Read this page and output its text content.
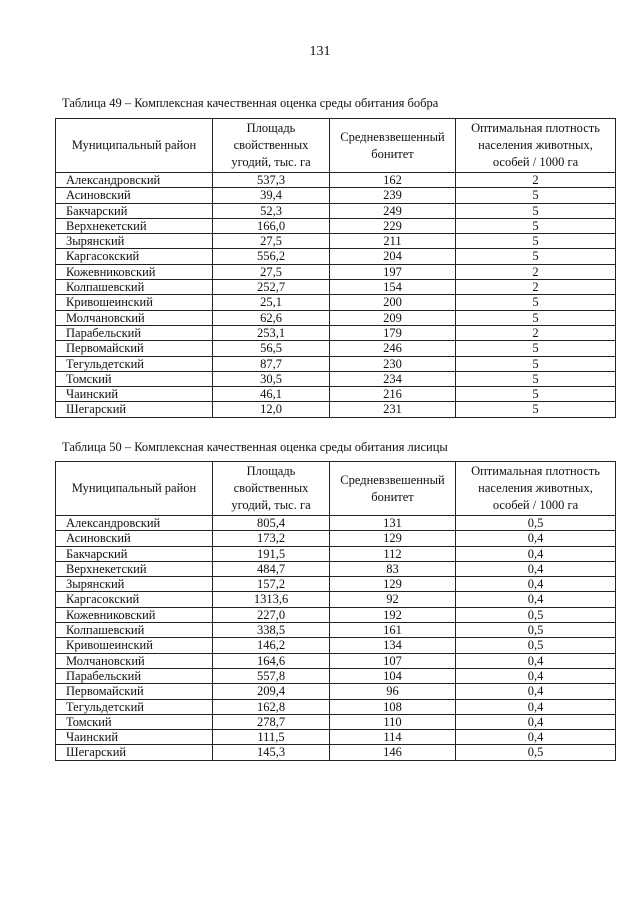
131
Таблица 49 – Комплексная качественная оценка среды обитания бобра
Муниципальный район	Площадь свойственных угодий, тыс. га	Средневзвешенный бонитет	Оптимальная плотность населения животных, особей / 1000 га
Александровский	537,3	162	2
Асиновский	39,4	239	5
Бакчарский	52,3	249	5
Верхнекетский	166,0	229	5
Зырянский	27,5	211	5
Каргасокский	556,2	204	5
Кожевниковский	27,5	197	2
Колпашевский	252,7	154	2
Кривошеинский	25,1	200	5
Молчановский	62,6	209	5
Парабельский	253,1	179	2
Первомайский	56,5	246	5
Тегульдетский	87,7	230	5
Томский	30,5	234	5
Чаинский	46,1	216	5
Шегарский	12,0	231	5
Таблица 50 – Комплексная качественная оценка среды обитания лисицы
Муниципальный район	Площадь свойственных угодий, тыс. га	Средневзвешенный бонитет	Оптимальная плотность населения животных, особей / 1000 га
Александровский	805,4	131	0,5
Асиновский	173,2	129	0,4
Бакчарский	191,5	112	0,4
Верхнекетский	484,7	83	0,4
Зырянский	157,2	129	0,4
Каргасокский	1313,6	92	0,4
Кожевниковский	227,0	192	0,5
Колпашевский	338,5	161	0,5
Кривошеинский	146,2	134	0,5
Молчановский	164,6	107	0,4
Парабельский	557,8	104	0,4
Первомайский	209,4	96	0,4
Тегульдетский	162,8	108	0,4
Томский	278,7	110	0,4
Чаинский	111,5	114	0,4
Шегарский	145,3	146	0,5
